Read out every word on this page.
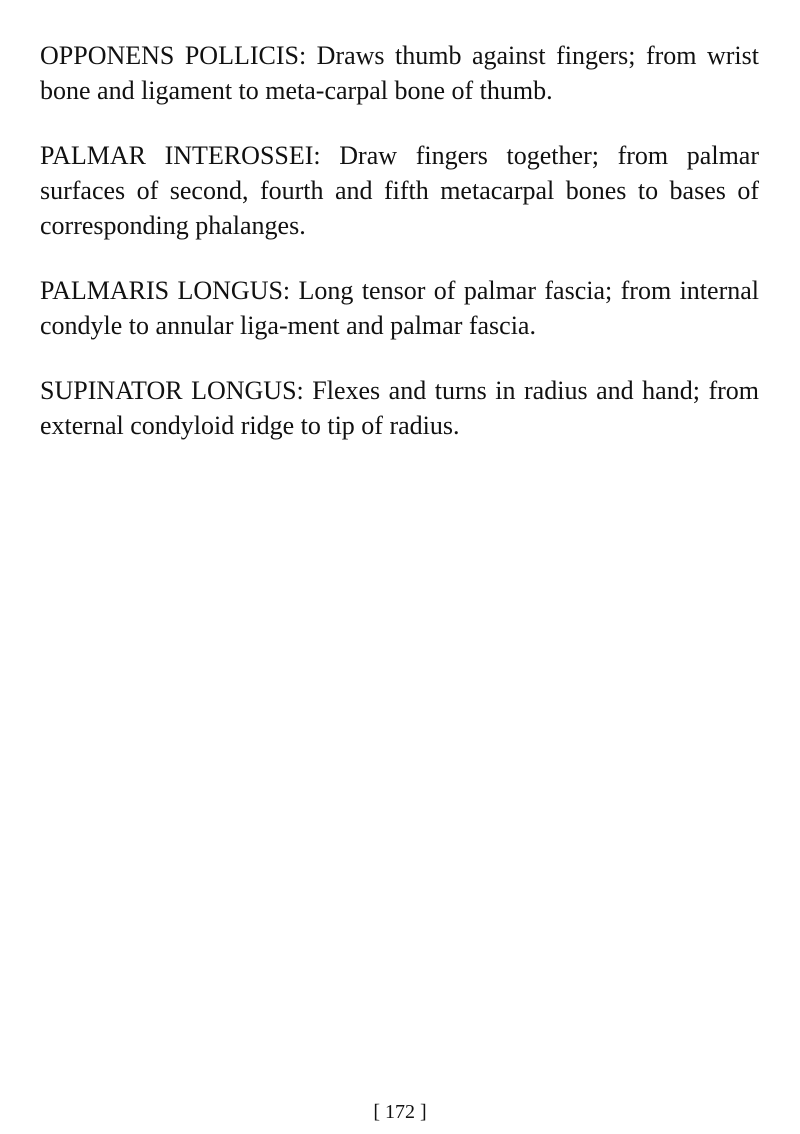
OPPONENS POLLICIS: Draws thumb against fingers; from wrist bone and ligament to meta-carpal bone of thumb.

PALMAR INTEROSSEI: Draw fingers together; from palmar surfaces of second, fourth and fifth metacarpal bones to bases of corresponding phalanges.

PALMARIS LONGUS: Long tensor of palmar fascia; from internal condyle to annular liga-ment and palmar fascia.

SUPINATOR LONGUS: Flexes and turns in radius and hand; from external condyloid ridge to tip of radius.

[ 172 ]
